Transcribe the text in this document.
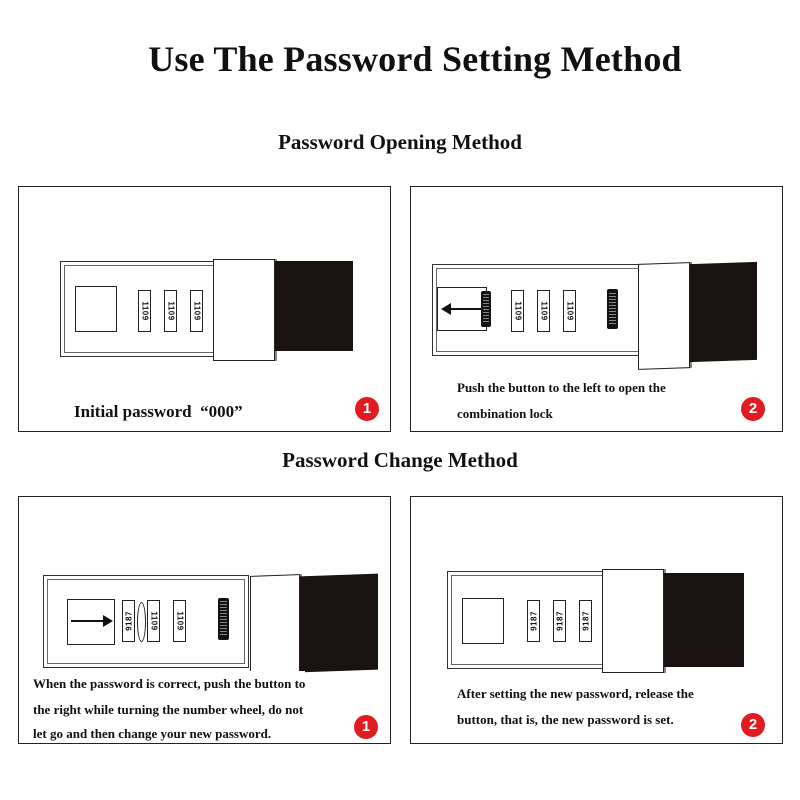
Use The Password Setting Method
Password Opening Method
Password Change Method
1109 1109 1109
Initial password  “000”	1
1109 1109 1109
Push the button to the left to open the
combination lock	2
9187 1109 1109
When the password is correct, push the button to
the right while turning the number wheel, do not
let go and then change your new password.	1
9187 9187 9187
After setting the new password, release the
button, that is, the new password is set.	2
